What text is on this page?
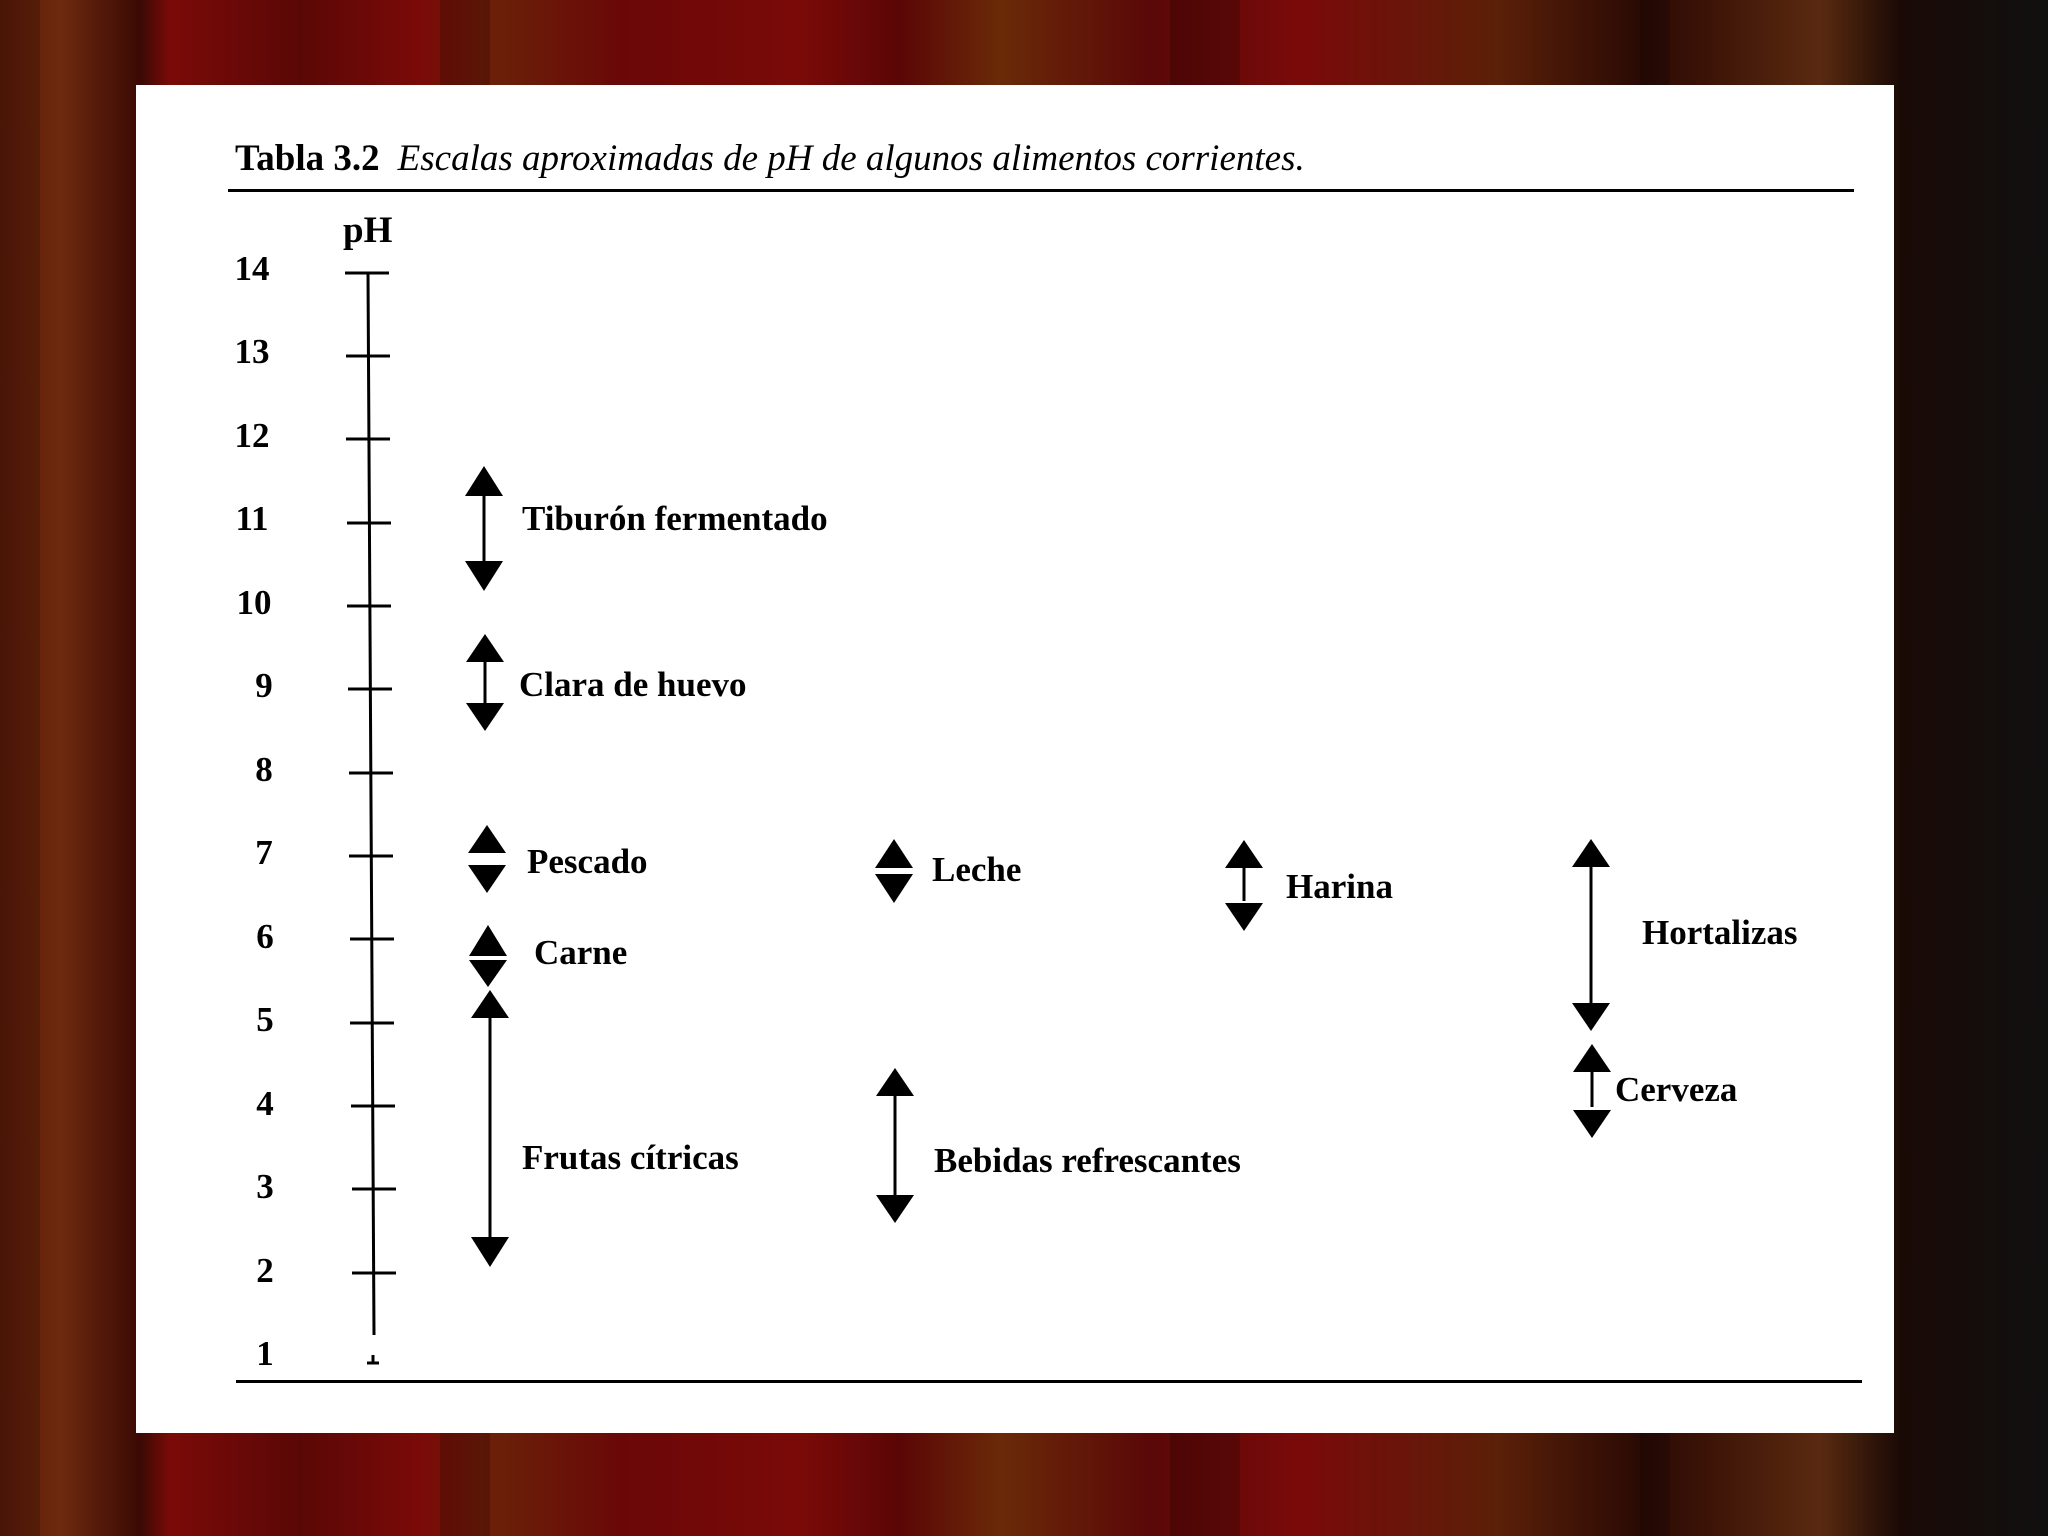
Tabla 3.2 Escalas aproximadas de pH de algunos alimentos corrientes.
pH
14
13
12
11
10
9
8
7
6
5
4
3
2
1
Tiburón fermentado
Clara de huevo
Pescado
Carne
Frutas cítricas
Leche
Bebidas refrescantes
Harina
Hortalizas
Cerveza
